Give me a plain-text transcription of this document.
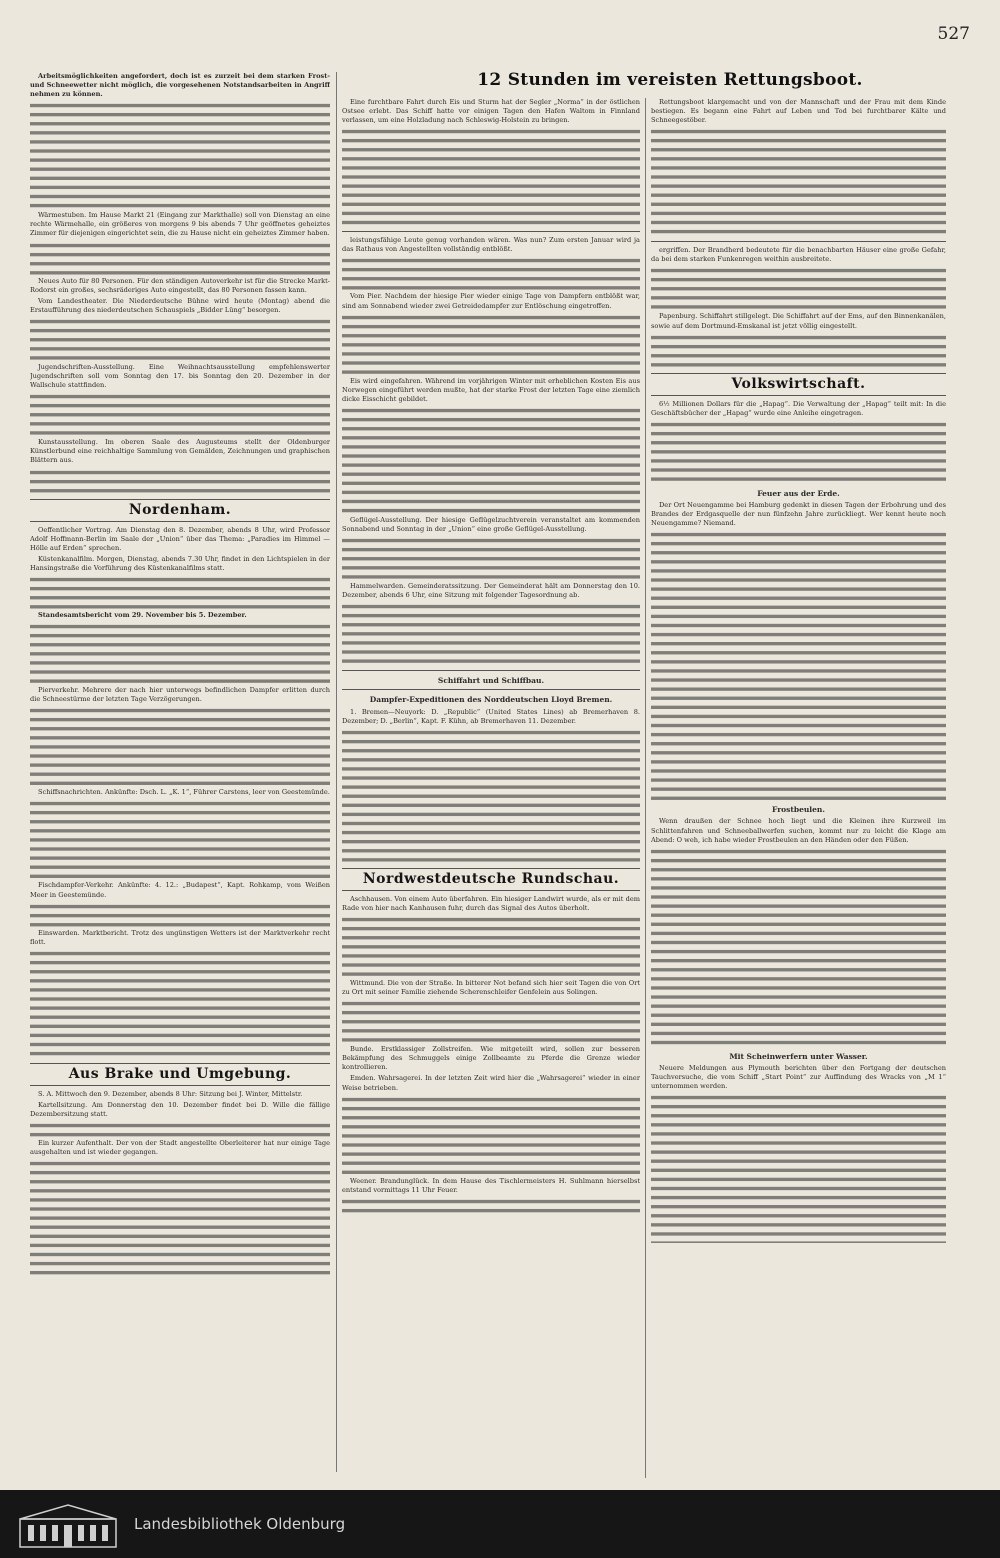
527
12 Stunden im vereisten Rettungsboot.

Arbeitsmöglichkeiten angefordert, doch ist es zurzeit bei dem starken Frost- und Schneewetter nicht möglich, die vorgesehenen Notstandsarbeiten in Angriff nehmen zu können.

Wärmestuben. Im Hause Markt 21 (Eingang zur Markthalle) soll von Dienstag an eine rechte Wärmehalle, ein größeres von morgens 9 bis abends 7 Uhr geöffnetes geheiztes Zimmer für diejenigen eingerichtet sein, die zu Hause nicht ein geheiztes Zimmer haben.

Neues Auto für 80 Personen. Für den ständigen Autoverkehr ist für die Strecke Markt-Rodorst ein großes, sechsräderiges Auto eingestellt, das 80 Personen fassen kann.

Vom Landestheater. Die Niederdeutsche Bühne wird heute (Montag) abend die Erstaufführung des niederdeutschen Schauspiels „Bidder Lüng“ besorgen.

Jugendschriften-Ausstellung. Eine Weihnachtsausstellung empfehlenswerter Jugendschriften soll vom Sonntag den 17. bis Sonntag den 20. Dezember in der Wallschule stattfinden.

Kunstausstellung. Im oberen Saale des Augusteums stellt der Oldenburger Künstlerbund eine reichhaltige Sammlung von Gemälden, Zeichnungen und graphischen Blättern aus.

Nordenham.

Oeffentlicher Vortrag. Am Dienstag den 8. Dezember, abends 8 Uhr, wird Professor Adolf Hoffmann-Berlin im Saale der „Union“ über das Thema: „Paradies im Himmel — Hölle auf Erden“ sprechen.

Küstenkanalfilm. Morgen, Dienstag, abends 7.30 Uhr, findet in den Lichtspielen in der Hansingstraße die Vorführung des Küstenkanalfilms statt.

Standesamtsbericht vom 29. November bis 5. Dezember.

Pierverkehr. Mehrere der nach hier unterwegs befindlichen Dampfer erlitten durch die Schneestürme der letzten Tage Verzögerungen.

Schiffsnachrichten. Ankünfte: Dsch. L. „K. 1“, Führer Carstens, leer von Geestemünde.

Fischdampfer-Verkehr. Ankünfte: 4. 12.: „Budapest“, Kapt. Rohkamp, vom Weißen Meer in Geestemünde.

Einswarden. Marktbericht. Trotz des ungünstigen Wetters ist der Marktverkehr recht flott.

Aus Brake und Umgebung.

S. A. Mittwoch den 9. Dezember, abends 8 Uhr: Sitzung bei J. Winter, Mittelstr.

Kartellsitzung. Am Donnerstag den 10. Dezember findet bei D. Wille die fällige Dezembersitzung statt.

Ein kurzer Aufenthalt. Der von der Stadt angestellte Oberleiterer hat nur einige Tage ausgehalten und ist wieder gegangen.

Eine furchtbare Fahrt durch Eis und Sturm hat der Segler „Norma“ in der östlichen Ostsee erlebt. Das Schiff hatte vor einigen Tagen den Hafen Waltom in Finnland verlassen, um eine Holzladung nach Schleswig-Holstein zu bringen.

leistungsfähige Leute genug vorhanden wären. Was nun? Zum ersten Januar wird ja das Rathaus von Angestellten vollständig entblößt.

Vom Pier. Nachdem der hiesige Pier wieder einige Tage von Dampfern entblößt war, sind am Sonnabend wieder zwei Getreidedampfer zur Entlöschung eingetroffen.

Eis wird eingefahren. Während im vorjährigen Winter mit erheblichen Kosten Eis aus Norwegen eingeführt werden mußte, hat der starke Frost der letzten Tage eine ziemlich dicke Eisschicht gebildet.

Geflügel-Ausstellung. Der hiesige Geflügelzuchtverein veranstaltet am kommenden Sonnabend und Sonntag in der „Union“ eine große Geflügel-Ausstellung.

Hammelwarden. Gemeinderatssitzung. Der Gemeinderat hält am Donnerstag den 10. Dezember, abends 6 Uhr, eine Sitzung mit folgender Tagesordnung ab.

Schiffahrt und Schiffbau.
Dampfer-Expeditionen des Norddeutschen Lloyd Bremen.

1. Bremen—Neuyork: D. „Republic“ (United States Lines) ab Bremerhaven 8. Dezember; D. „Berlin“, Kapt. F. Kühn, ab Bremerhaven 11. Dezember.

Nordwestdeutsche Rundschau.

Aschhausen. Von einem Auto überfahren. Ein hiesiger Landwirt wurde, als er mit dem Rade von hier nach Kanhausen fuhr, durch das Signal des Autos überholt.

Wittmund. Die von der Straße. In bitterer Not befand sich hier seit Tagen die von Ort zu Ort mit seiner Familie ziehende Scherenschleifer Genfelein aus Solingen.

Bunde. Erstklassiger Zollstreifen. Wie mitgeteilt wird, sollen zur besseren Bekämpfung des Schmuggels einige Zollbeamte zu Pferde die Grenze wieder kontrollieren.

Emden. Wahrsagerei. In der letzten Zeit wird hier die „Wahrsagerei“ wieder in einer Weise betrieben.

Weener. Brandunglück. In dem Hause des Tischlermeisters H. Suhlmann hierselbst entstand vormittags 11 Uhr Feuer.

Rettungsboot klargemacht und von der Mannschaft und der Frau mit dem Kinde bestiegen. Es begann eine Fahrt auf Leben und Tod bei furchtbarer Kälte und Schneegestöber.

ergriffen. Der Brandherd bedeutete für die benachbarten Häuser eine große Gefahr, da bei dem starken Funkenregen weithin ausbreitete.

Papenburg. Schiffahrt stillgelegt. Die Schiffahrt auf der Ems, auf den Binnenkanälen, sowie auf dem Dortmund-Emskanal ist jetzt völlig eingestellt.

Volkswirtschaft.

6½ Millionen Dollars für die „Hapag“. Die Verwaltung der „Hapag“ teilt mit: In die Geschäftsbücher der „Hapag“ wurde eine Anleihe eingetragen.

Feuer aus der Erde.

Der Ort Neuengamme bei Hamburg gedenkt in diesen Tagen der Erbohrung und des Brandes der Erdgasquelle der nun fünfzehn Jahre zurückliegt. Wer kennt heute noch Neuengamme? Niemand.

Frostbeulen.

Wenn draußen der Schnee hoch liegt und die Kleinen ihre Kurzweil im Schlittenfahren und Schneeballwerfen suchen, kommt nur zu leicht die Klage am Abend: O weh, ich habe wieder Frostbeulen an den Händen oder den Füßen.

Mit Scheinwerfern unter Wasser.

Neuere Meldungen aus Plymouth berichten über den Fortgang der deutschen Tauchversuche, die vom Schiff „Start Point“ zur Auffindung des Wracks von „M 1“ unternommen werden.

Landesbibliothek Oldenburg
